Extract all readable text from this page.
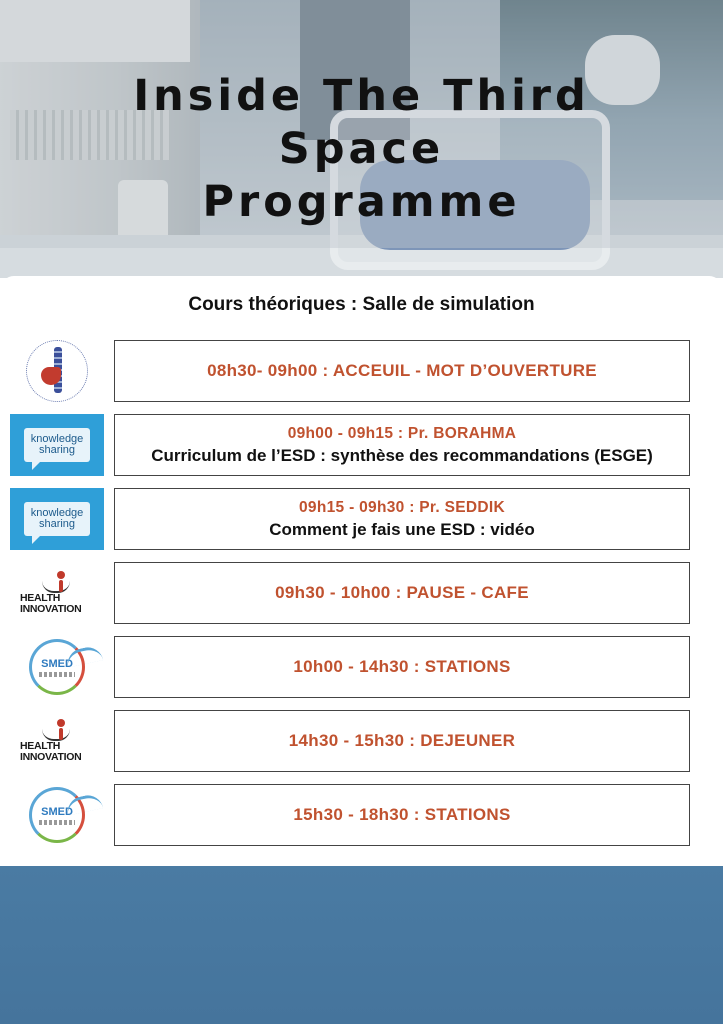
Inside The Third
Space
Programme
Cours théoriques : Salle de simulation
08h30- 09h00 : ACCEUIL - MOT D’OUVERTURE
knowledge
sharing
09h00 - 09h15 : Pr. BORAHMA
Curriculum de l’ESD : synthèse des recommandations (ESGE)
knowledge
sharing
09h15 - 09h30 : Pr. SEDDIK
Comment je fais une ESD : vidéo
HEALTH
INNOVATION
09h30 - 10h00 : PAUSE - CAFE
SMED	10h00 - 14h30 : STATIONS
HEALTH
INNOVATION
14h30 - 15h30 : DEJEUNER
SMED	15h30 - 18h30 : STATIONS
